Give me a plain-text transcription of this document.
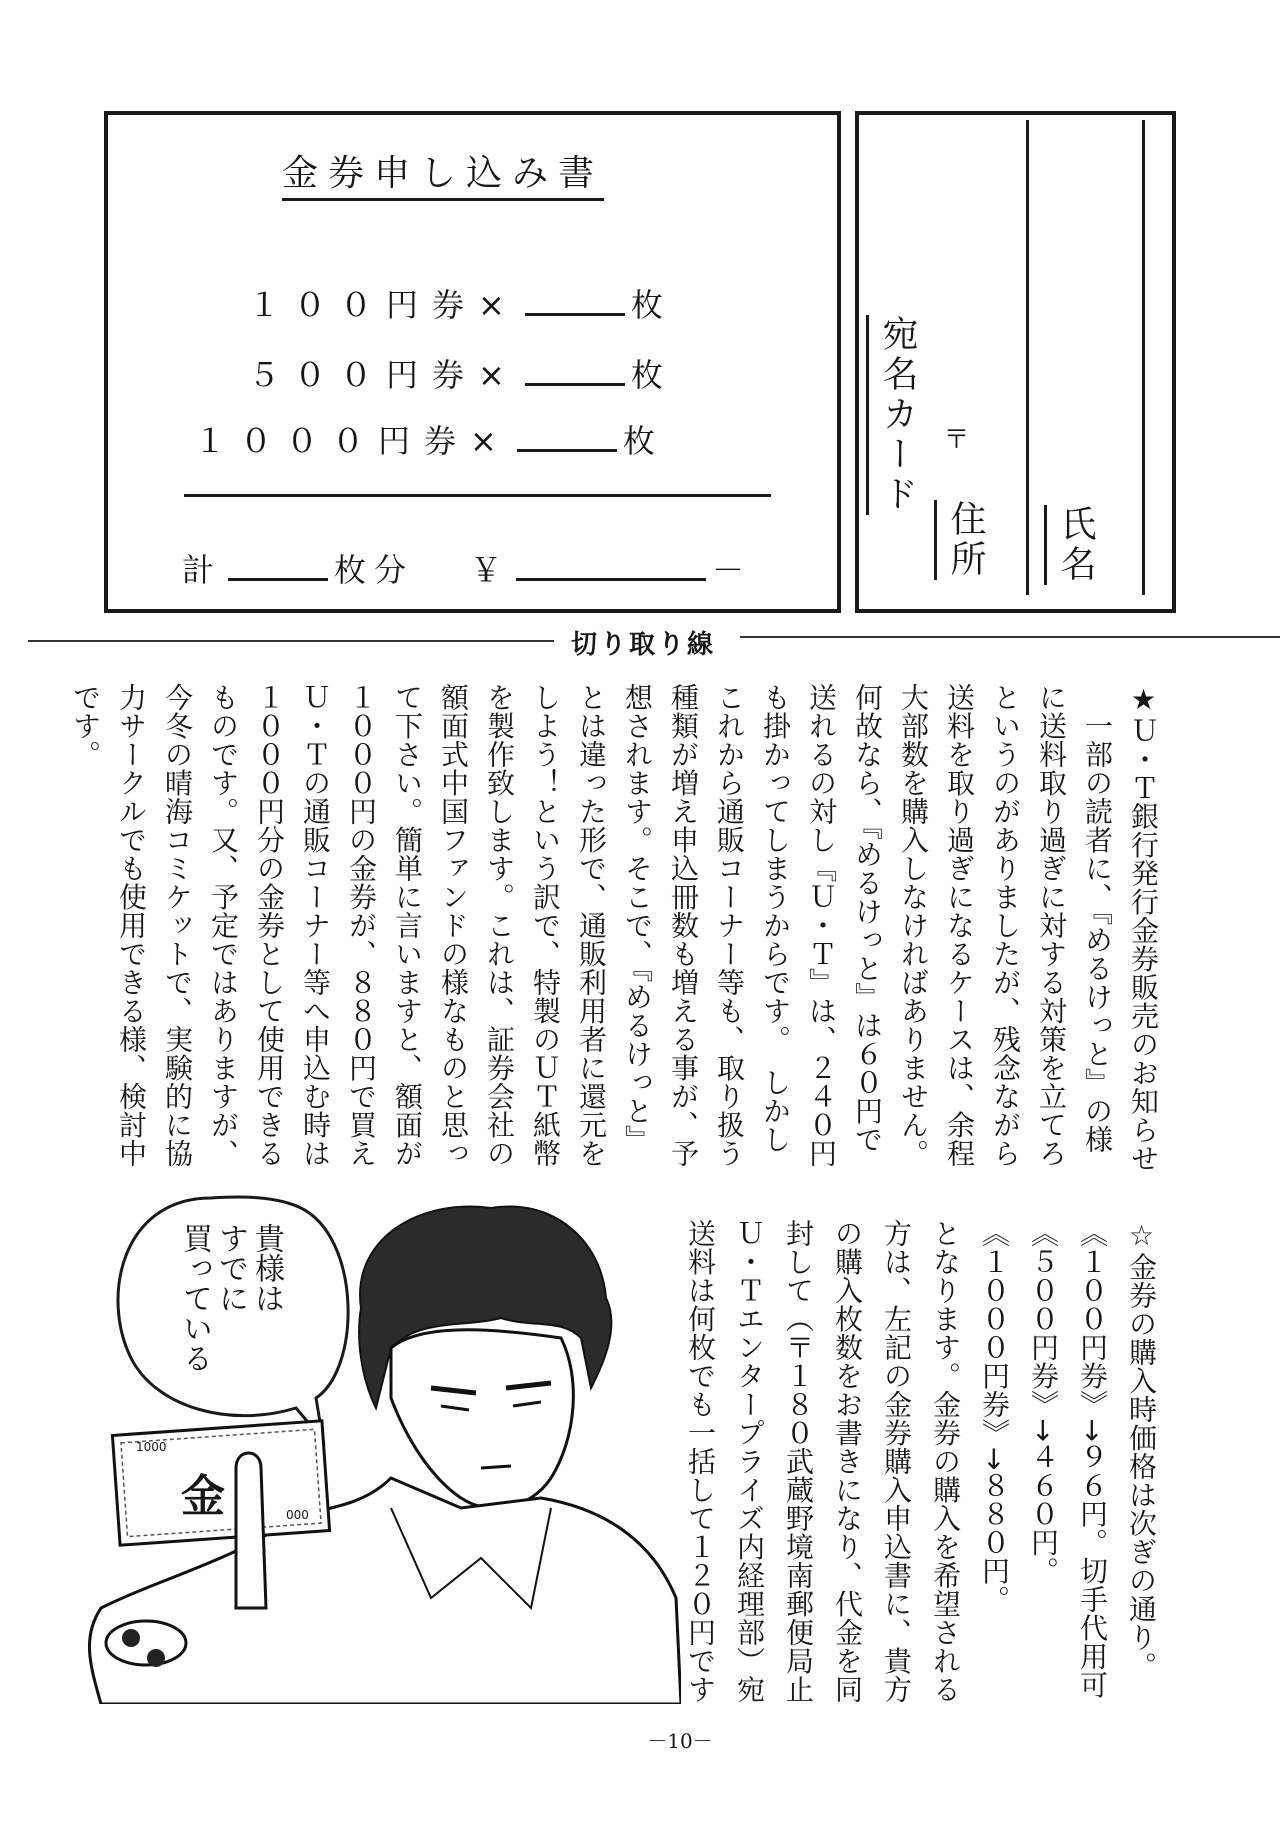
金券申し込み書
１００円券×	枚
５００円券×	枚
１０００円券×	枚
計	枚分 ￥	－
宛名カード 〒
住所	氏名
切り取り線
★Ｕ・Ｔ銀行発行金券販売のお知らせ
　一部の読者に、『めるけっと』の様
に送料取り過ぎに対する対策を立てろ
というのがありましたが、残念ながら
送料を取り過ぎになるケースは、余程
大部数を購入しなければありません。
何故なら、『めるけっと』は６０円で
送れるの対し『Ｕ・Ｔ』は、２４０円
も掛かってしまうからです。　しかし
これから通販コーナー等も、取り扱う
種類が増え申込冊数も増える事が、予
想されます。そこで、『めるけっと』
とは違った形で、通販利用者に還元を
しよう！という訳で、特製のＵＴ紙幣
を製作致します。これは、証券会社の
額面式中国ファンドの様なものと思っ
て下さい。簡単に言いますと、額面が
１０００円の金券が、８８０円で買え
Ｕ・Ｔの通販コーナー等へ申込む時は
１０００円分の金券として使用できる
ものです。又、予定ではありますが、
今冬の晴海コミケットで、実験的に協
力サークルでも使用できる様、検討中
です。
☆金券の購入時価格は次ぎの通り。
《１００円券》→９６円。切手代用可
《５００円券》→４６０円。
《１０００円券》→８８０円。
となります。金券の購入を希望される
方は、左記の金券購入申込書に、貴方
の購入枚数をお書きになり、代金を同
封して（〒１８０武蔵野境南郵便局止
Ｕ・Ｔエンタープライズ内経理部）宛
送料は何枚でも一括して１２０円です
貴様は
すでに
買っている
1000
金	000
－10－
